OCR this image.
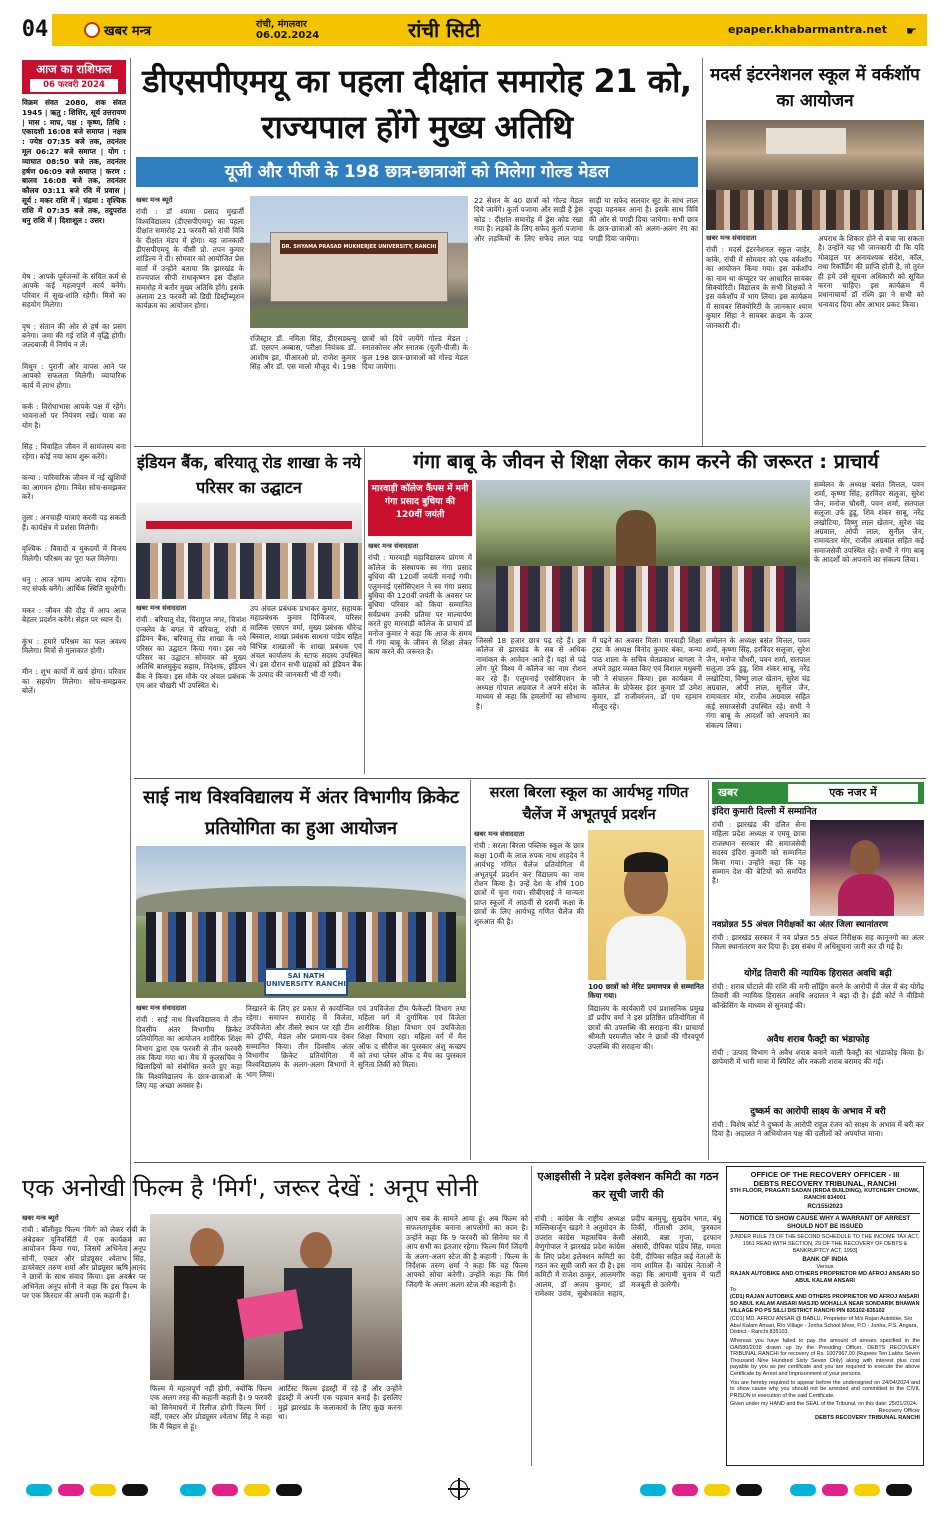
04	खबर मन्त्र	रांची, मंगलवार
06.02.2024	रांची सिटी	epaper.khabarmantra.net ☛
आज का राशिफल
06 फरवरी 2024
विक्रम संवत 2080, शक संवत 1945 | ऋतु : शिशिर, सूर्य उत्तरायण | मास : माघ, पक्ष : कृष्ण, तिथि : एकादशी 16:08 बजे समाप्त | नक्षत्र : ज्येष्ठ 07:35 बजे तक, तदनंतर मूल 06:27 बजे समाप्त | योग : व्याघात 08:50 बजे तक, तदनंतर हर्षण 06:09 बजे समाप्त | करण : बालव 16:08 बजे तक, तदनंतर कौलव 03:11 बजे रवि में प्रवास | सूर्य : मकर राशि में | चंद्रमा : वृश्चिक राशि में 07:35 बजे तक, तदुपरांत धनु राशि में | दिशाशूल : उत्तर।
मेष : आपके पूर्वजन्मों के संचित कर्म से आपके कई महत्वपूर्ण कार्य बनेंगे। परिवार में सुख-शांति रहेगी। मित्रों का सहयोग मिलेगा।
वृष : संतान की ओर से हर्ष का प्रसंग बनेगा। जमा की गई राशि में वृद्धि होगी। जल्दबाजी में निर्णय न लें।
मिथुन : पुरानी ओर वापस आने पर आपको सफलता मिलेगी। व्यापारिक कार्य में लाभ होगा।
कर्क : विरोधाभास आपके पक्ष में रहेंगे। भावनाओं पर नियंत्रण रखें। यात्रा का योग है।
सिंह : विवाहित जीवन में सामंजस्य बना रहेगा। कोई नया काम शुरू करेंगे।
कन्या : पारिवारिक जीवन में नई खुशियों का आगमन होगा। निवेश सोच-समझकर करें।
तुला : अनचाही यात्राएं करनी पड़ सकती हैं। कार्यक्षेत्र में प्रशंसा मिलेगी।
वृश्चिक : विवादों व मुकदमों में विजय मिलेगी। परिश्रम का पूरा फल मिलेगा।
धनु : आज भाग्य आपके साथ रहेगा। नए संपर्क बनेंगे। आर्थिक स्थिति सुधरेगी।
मकर : जीवन की दौड़ में आप आज बेहतर प्रदर्शन करेंगे। सेहत पर ध्यान दें।
कुंभ : हमारे परिश्रम का फल अवश्य मिलेगा। मित्रों से मुलाकात होगी।
मीन : शुभ कार्यों में खर्च होगा। परिवार का सहयोग मिलेगा। सोच-समझकर बोलें।
डीएसपीएमयू का पहला दीक्षांत समारोह 21 को, राज्यपाल होंगे मुख्य अतिथि
यूजी और पीजी के 198 छात्र-छात्राओं को मिलेगा गोल्ड मेडल
खबर मन्त्र ब्यूरो
रांची : डॉ श्यामा प्रसाद मुखर्जी विश्वविद्यालय (डीएसपीएमयू) का पहला दीक्षांत समारोह 21 फरवरी को रांची विवि के दीक्षांत मंडप में होगा। यह जानकारी डीएसपीएमयू के वीसी प्रो. तपन कुमार शांडिल्य ने दी। सोमवार को आयोजित प्रेस वार्ता में उन्होंने बताया कि झारखंड के राज्यपाल सीपी राधाकृष्णन इस दीक्षांत समारोह में बतौर मुख्य अतिथि होंगे। इसके अलावा 23 फरवरी को डिग्री डिस्ट्रीब्यूशन कार्यक्रम का आयोजन होगा।
DR. SHYAMA PRASAD MUKHERJEE UNIVERSITY, RANCHI
रजिस्ट्रार डॉ. नमिता सिंह, डीएसडब्ल्यू डॉ. एसएन अब्बास, परीक्षा नियंत्रक डॉ. आशीष झा, पीआरओ प्रो. राजेश कुमार सिंह और डॉ. एस मालो मौजूद थे। 198 छात्रों को दिये जायेंगे गोल्ड मेडल : स्नातकोत्तर और स्नातक (यूजी-पीजी) के कुल 198 छात्र-छात्राओं को गोल्ड मेडल दिया जायेगा।
22 सेशन के 40 छात्रों को गोल्ड मेडल दिये जायेंगे। कुर्ता पजामा और साड़ी है ड्रेस कोड : दीक्षांत समारोह में ड्रेस कोड रखा गया है। लड़कों के लिए सफेद कुर्ता पजामा और लड़कियों के लिए सफेद लाल पाड़ साड़ी या सफेद सलवार सूट के साथ लाल दुपट्टा पहनकर आना है। इसके साथ विवि की ओर से पगड़ी दिया जायेगा। सभी छात्र के छात्र-छात्राओं को अलग-अलग रंग का पगड़ी दिया जायेगा।
मदर्स इंटरनेशनल स्कूल में वर्कशॉप का आयोजन
खबर मन्त्र संवाददाता
रांची : मदर्स इंटरनेशनल स्कूल जाहेर, कांके, रांची में सोमवार को एक वर्कशॉप का आयोजन किया गया। इस वर्कशॉप का नाम था कंप्यूटर पर आधारित सायबर सिक्योरिटी। विद्यालय के सभी शिक्षकों ने इस वर्कशॉप में भाग लिया। इस कार्यक्रम में सायबर सिक्योरिटी के जानकार श्याम कुमार सिंहा ने सायबर क्राइम के ऊपर जानकारी दी।
अपराध के शिकार होने से बचा जा सकता है। उन्होंने यह भी जानकारी दी कि यदि मोबाइल पर अनावश्यक संदेश, कॉल, तथा रिकॉर्डिंग की प्राप्ति होती है, तो तुरंत ही हमें उसे सूचना अधिकारी को सूचित करना चाहिए। इस कार्यक्रम में प्रधानाचार्या डॉ रश्मि झा ने सभी को धन्यवाद दिया और आभार प्रकट किया।
इंडियन बैंक, बरियातू रोड शाखा के नये परिसर का उद्घाटन
खबर मन्त्र संवाददाता
रांची : बरियातू रोड, चिरागुप्त नगर, चित्रांश एन्क्लेव के बगल में बरियातू, रांची में इंडियन बैंक, बरियातू रोड शाखा के नये परिसर का उद्घाटन किया गया। इस नये परिसर का उद्घाटन सोमवार को मुख्य अतिथि बालमुकुंद सहाय, निदेशक, इंडियन बैंक ने किया। इस मौके पर अंचल प्रबंधक एम आर चौखरी भी उपस्थित थे।
उप अंचल प्रबंधक प्रभाकर कुमार, सहायक महाप्रबंधक कुमार दिग्विजय, परिसर मालिक एसएन वर्मा, मुख्य प्रबंधक धीरेन्द्र बिस्वाल, शाखा प्रबंधक साधना पांडेय सहित विभिन्न शाखाओं के शाखा प्रबंधक एवं अंचल कार्यालय के स्टाफ सदस्य उपस्थित थे। इस दौरान सभी ग्राहकों को इंडियन बैंक के उत्पाद की जानकारी भी दी गयी।
गंगा बाबू के जीवन से शिक्षा लेकर काम करने की जरूरत : प्राचार्य
मारवाड़ी कॉलेज कैंपस में मनी गंगा प्रसाद बुधिया की 120वीं जयंती
खबर मन्त्र संवाददाता
रांची : मारवाड़ी महाविद्यालय प्रांगण में कॉलेज के संस्थापक स्व गंगा प्रसाद बुधिया की 120वीं जयंती मनाई गयी। एलुमनाई एसोसिएशन ने स्व गंगा प्रसाद बुधिया की 120वीं जयंती के अवसर पर बुधिया परिवार को किया सम्मानित सर्वप्रथम उनकी प्रतिमा पर माल्यार्पण करते हुए मारवाड़ी कॉलेज के प्राचार्य डॉ मनोज कुमार ने कहा कि आज के समय में गंगा बाबू के जीवन से शिक्षा लेकर काम करने की जरूरत है।
जिससे 18 हजार छात्र पढ़ रहे हैं। इस कॉलेज से झारखंड के सब से अधिक नामांकन के आवेदन आते हैं। यहां से पढ़े लोग पूरे विश्व में कॉलेज का नाम रोशन कर रहे हैं। एलुमनाई एसोसिएशन के अध्यक्ष गोपाल अग्रवाल ने अपने संदेश के माध्यम से कहा कि हमलोगों का सौभाग्य है।
में पढ़ने का अवसर मिला। मारवाड़ी शिक्षा ट्रस्ट के अध्यक्ष विनोद कुमार बंका, कन्या पाठ शाला के सचिव चेतप्रकाश बागला ने अपने उद्गार व्यक्त किए एवं विशाल मधुबनी जी ने संचालन किया। इस कार्यक्रम में कॉलेज के प्रोफेसर इंदर कुमार डॉ उमेश कुमार, डॉ राजीवरंजन, डॉ एम रहमान मौजूद रहे।
सम्मेलन के अध्यक्ष बसंत मित्तल, पवन शर्मा, कृष्णा सिंह, हरविंदर सलूजा, सुरेश जैन, मनोज चौधरी, पवन शर्मा, सतपाल सलूजा उर्फ डुडू, शिव शंकर साबू, नरेंद्र लखोटिया, विष्णु लाल खेतान, सुरेश चंद्र अग्रवाल, ओपी लाल, सुनील जैन, रामावतार मोर, राजीव अग्रवाल सहित कई समाजसेवी उपस्थित रहे। सभी ने गंगा बाबू के आदर्शों को अपनाने का संकल्प लिया।
सम्मेलन के अध्यक्ष बसंत मित्तल, पवन शर्मा, कृष्णा सिंह, हरविंदर सलूजा, सुरेश जैन, मनोज चौधरी, पवन शर्मा, सतपाल सलूजा उर्फ डुडू, शिव शंकर साबू, नरेंद्र लखोटिया, विष्णु लाल खेतान, सुरेश चंद्र अग्रवाल, ओपी लाल, सुनील जैन, रामावतार मोर, राजीव अग्रवाल सहित कई समाजसेवी उपस्थित रहे। सभी ने गंगा बाबू के आदर्शों को अपनाने का संकल्प लिया।
साई नाथ विश्वविद्यालय में अंतर विभागीय क्रिकेट प्रतियोगिता का हुआ आयोजन
SAI NATH UNIVERSITY RANCHI
खबर मन्त्र संवाददाता
रांची : साईं नाथ विश्वविद्यालय में तीन दिवसीय अंतर विभागीय क्रिकेट प्रतियोगिता का आयोजन शारीरिक शिक्षा विभाग द्वारा एक फरवरी से तीन फरवरी तक किया गया था। मैच में कुलसचिव ने खिलाड़ियों को संबोधित करते हुए कहा कि विश्वविद्यालय के छात्र-छात्राओं के लिए यह अच्छा अवसर है।
निखारने के लिए हर प्रकार से कार्यान्वित रहेगा। समापन समारोह में विजेता, उपविजेता और तीसरे स्थान पर रही टीम को ट्रॉफी, मेडल और प्रमाण-पत्र देकर सम्मानित किया। तीन दिवसीय अंतर विभागीय क्रिकेट प्रतियोगिता में विश्वविद्यालय के अलग-अलग विभागों ने भाग लिया।
एवं उपविजेता टीम फैकेल्टी विभाग तथा महिला वर्ग में दुर्गामिक एवं विजेता शारीरिक शिक्षा विभाग एवं उपविजेता शिक्षा विभाग रहा। महिला वर्ग में मैन ऑफ द सीरीज का पुरस्कार अंशु कच्छप को तथा प्लेयर ऑफ द मैच का पुरस्कार सुनिता तिर्की को मिला।
सरला बिरला स्कूल का आर्यभट्ट गणित चैलेंज में अभूतपूर्व प्रदर्शन
खबर मन्त्र संवाददाता
रांची : सरला बिरला पब्लिक स्कूल के छात्र कक्षा 10वीं के लाल रुपक नाथ शाहदेव ने आर्यभट्ट गणित चैलेंज प्रतियोगिता में अभूतपूर्व प्रदर्शन कर विद्यालय का नाम रोशन किया है। उन्हें देश के शीर्ष 100 छात्रों में चुना गया। सीबीएसई ने मान्यता प्राप्त स्कूलों में आठवीं से दसवीं कक्षा के छात्रों के लिए आर्यभट्ट गणित चैलेंज की शुरुआत की है।
100 छात्रों को मेरिट प्रमाणपत्र से सम्मानित किया गया।
विद्यालय के कार्यकारी एवं प्रशासनिक प्रमुख डॉ प्रदीप वर्मा ने इस प्रतिष्ठित प्रतियोगिता में छात्रों की उपलब्धि की सराहना की। प्राचार्या श्रीमती परमजीत कौर ने छात्रों की गौरवपूर्ण उपलब्धि की सराहना की।
खबर	एक नजर में
इंदिरा कुमारी दिल्ली में सम्मानित
रांची : झारखंड की दलित सेना महिला प्रदेश अध्यक्ष व एमयू छात्रा राजस्थान सरकार की समाजसेवी सदस्य इंदिरा कुमारी को सम्मानित किया गया। उन्होंने कहा कि यह सम्मान देश की बेटियों को समर्पित है।
नवप्रोन्नत 55 अंचल निरीक्षकों का अंतर जिला स्थानांतरण
रांची : झारखंड सरकार ने नव प्रोन्नत 55 अंचल निरीक्षक सह कानूनगो का अंतर जिला स्थानांतरण कर दिया है। इस संबंध में अधिसूचना जारी कर दी गई है।
योगेंद्र तिवारी की न्यायिक हिरासत अवधि बढ़ी
रांची : शराब घोटाले की राशि की मनी लॉड्रिंग करने के आरोपी में जेल में बंद योगेंद्र तिवारी की न्यायिक हिरासत अवधि अदालत ने बढ़ा दी है। ईडी कोर्ट ने वीडियो कॉन्फ्रेंसिंग के माध्यम से सुनवाई की।
अवैध शराब फैक्ट्री का भंडाफोड़
रांची : उत्पाद विभाग ने अवैध शराब बनाने वाली फैक्ट्री का भंडाफोड़ किया है। छापेमारी में भारी मात्रा में स्पिरिट और नकली शराब बरामद की गई।
दुष्कर्म का आरोपी साक्ष्य के अभाव में बरी
रांची : विशेष कोर्ट ने दुष्कर्म के आरोपी राहुल रंजन को साक्ष्य के अभाव में बरी कर दिया है। अदालत ने अभियोजन पक्ष की दलीलों को अपर्याप्त माना।
एक अनोखी फिल्म है 'मिर्ग', जरूर देखें : अनूप सोनी
खबर मन्त्र ब्यूरो
रांची : बॉलीवुड फिल्म 'मिर्ग' को लेकर रांची के अंबेडकर यूनिवर्सिटी में एक कार्यक्रम का आयोजन किया गया, जिसमें अभिनेता अनूप सोनी, एक्टर और प्रोड्यूसर श्वेताभ सिंह, डायरेक्टर तरुण शर्मा और प्रोड्यूसर ऋषि आनंद ने छात्रों के साथ संवाद किया। इस अवसर पर अभिनेता अनूप सोनी ने कहा कि इस फिल्म के पर एक किरदार की अपनी एक कहानी है।
फिल्म में महत्वपूर्ण नहीं होगी, क्योंकि फिल्म एक अलग तरह की कहानी कहती है। 9 फरवरी को सिनेमाघरों में रिलीज होगी फिल्म मिर्ग : वहीं, एक्टर और प्रोड्यूसर श्वेताभ सिंह ने कहा कि मैं बिहार से हूं।
आर्टिस्ट फिल्म इंडस्ट्री में रहे हैं और उन्होंने इंडस्ट्री में अपनी एक पहचान बनाई है। इसलिए मुझे झारखंड के कलाकारों के लिए कुछ करना था।
आप सब के सामने आया हूं। अब फिल्म को सफलतापूर्वक बनाना आपलोगों का काम है। उन्होंने कहा कि 9 फरवरी को सिनेमा घर में आप सभी का इंतजार रहेगा। फिल्म मिर्ग जिंदगी के अलग-अलग स्टेज की है कहानी : फिल्म के निर्देशक तरुण शर्मा ने कहा कि यह फिल्म आपको सोचा करेगी। उन्होंने कहा कि मिर्ग जिंदगी के अलग अलग स्टेज की कहानी है।
एआइसीसी ने प्रदेश इलेक्शन कमिटी का गठन कर सूची जारी की
रांची : कांग्रेस के राष्ट्रीय अध्यक्ष मल्लिकार्जुन खड़गे ने अनुमोदन के उपरांत कांग्रेस महासचिव केसी वेणुगोपाल ने झारखंड प्रदेश कांग्रेस के लिए प्रदेश इलेक्शन कमिटी का गठन कर सूची जारी कर दी है। इस कमिटी में राजेश ठाकुर, आलमगीर आलम, डॉ अजय कुमार, डॉ रामेश्वर उरांव, सुबोधकांत सहाय, प्रदीप बलमुचू, सुखदेव भगत, बंधु तिर्की, गीताश्री उरांव, फुरकान अंसारी, बन्ना गुप्ता, इरफान अंसारी, दीपिका पांडेय सिंह, ममता देवी, दीपिका सहित कई नेताओं के नाम शामिल हैं। कांग्रेस नेताओं ने कहा कि आगामी चुनाव में पार्टी मजबूती से उतरेगी।
OFFICE OF THE RECOVERY OFFICER - III
DEBTS RECOVERY TRIBUNAL, RANCHI
5TH FLOOR, PRAGATI SADAN (RRDA BUILDING), KUTCHERY CHOWK, RANCHI 834001
RC/155/2023
NOTICE TO SHOW CAUSE WHY A WARRANT OF ARREST SHOULD NOT BE ISSUED
[UNDER RULE 73 OF THE SECOND SCHEDULE TO THE INCOME TAX ACT, 1961 READ WITH SECTION, 29 OF THE RECOVERY OF DEBTS & BANKRUPTCY ACT, 1993]
BANK OF INDIA
Versus
RAJAN AUTOBIKE AND OTHERS PROPRIETOR MD AFROJ ANSARI SO ABUL KALAM ANSARI
To
(CD1) RAJAN AUTOBIKE AND OTHERS PROPRIETOR MD AFROJ ANSARI SO ABUL KALAM ANSARI MASJID MOHALLA NEAR SONDARIK BHAWAN VILLAGE PO PS SILLI DISTRICT RANCHI PIN 835102-835102
(CD1) MD. AFROJ ANSAR @ BABLU, Proprietor of M/s Rajan Autobike, S/o Abul Kalam Ansari, R/o Village - Jonha School More, P.O - Jonha, P.S. Angara, District - Ranchi 835103.
Whereas you have failed to pay the amount of arrears specified in the OA/580/2018 drawn up by the Presiding Officer, DEBTS RECOVERY TRIBUNAL RANCHI for recovery of Rs. 1007967.00 (Rupees Ten Lakhs Seven Thousand Nine Hundred Sixty Seven Only) along with interest plus cost payable by you as per certificate and you are required to execute the above Certificate by Arrest and Imprisonment of your persons.
You are hereby required to appear before the undersigned on 24/04/2024 and to show cause why you should not be arrested and committed to the CIVIL PRISON in execution of the said Certificate.
Given under my HAND and the SEAL of the Tribunal, on this date: 25/01/2024.
Recovery Officer
DEBTS RECOVERY TRIBUNAL RANCHI
